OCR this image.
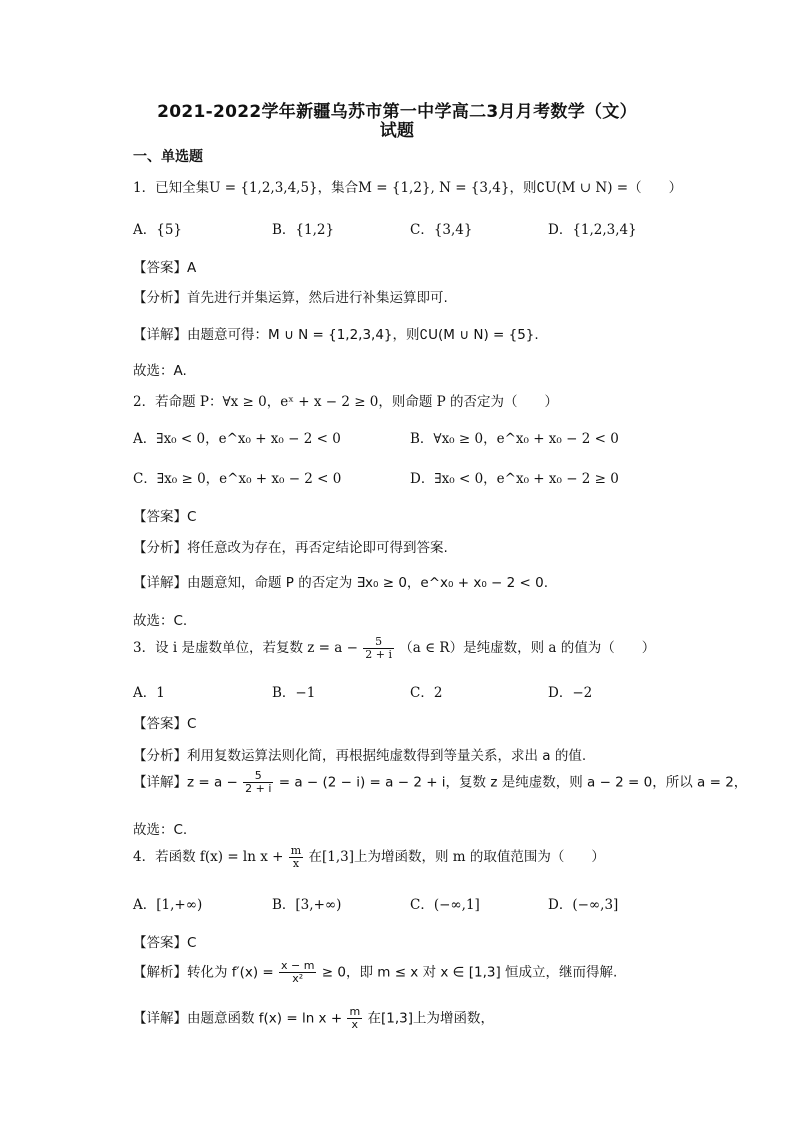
2021-2022学年新疆乌苏市第一中学高二3月月考数学（文）
试题
一、单选题
1．已知全集U = {1,2,3,4,5}，集合M = {1,2}, N = {3,4}，则∁U(M ∪ N) =（　　）
A．{5}	B．{1,2}	C．{3,4}	D．{1,2,3,4}
【答案】A
【分析】首先进行并集运算，然后进行补集运算即可.
【详解】由题意可得：M ∪ N = {1,2,3,4}，则∁U(M ∪ N) = {5}.
故选：A.
2．若命题 P：∀x ≥ 0，eˣ + x − 2 ≥ 0，则命题 P 的否定为（　　）
A．∃x₀ < 0，e^x₀ + x₀ − 2 < 0	B．∀x₀ ≥ 0，e^x₀ + x₀ − 2 < 0
C．∃x₀ ≥ 0，e^x₀ + x₀ − 2 < 0	D．∃x₀ < 0，e^x₀ + x₀ − 2 ≥ 0
【答案】C
【分析】将任意改为存在，再否定结论即可得到答案.
【详解】由题意知，命题 P 的否定为 ∃x₀ ≥ 0，e^x₀ + x₀ − 2 < 0.
故选：C.
3．设 i 是虚数单位，若复数 $z = a - \frac{5}{2 + i} (a$ ∈ R）是纯虚数，则 a 的值为（　　）
A．1	B．−1	C．2	D．−2
【答案】C
【分析】利用复数运算法则化简，再根据纯虚数得到等量关系，求出 a 的值.
【详解】$z = a - \frac{5}{2 + i} = a - (2 - i) = a - 2 + i$，复数 z 是纯虚数，则 a − 2 = 0，所以 a = 2，
故选：C.
4．若函数 $f(x) = \ln x + \frac{m}{x}$ 在[1,3]上为增函数，则 m 的取值范围为（　　）
A．[1,+∞)	B．[3,+∞)	C．(−∞,1]	D．(−∞,3]
【答案】C
【解析】转化为 $f'(x) = \frac{x - m}{\text{x²}} \ge 0$，即 m ≤ x 对 x ∈ [1,3] 恒成立，继而得解.
【详解】由题意函数 $f(x) = \ln x + \frac{m}{x}$ 在[1,3]上为增函数，
